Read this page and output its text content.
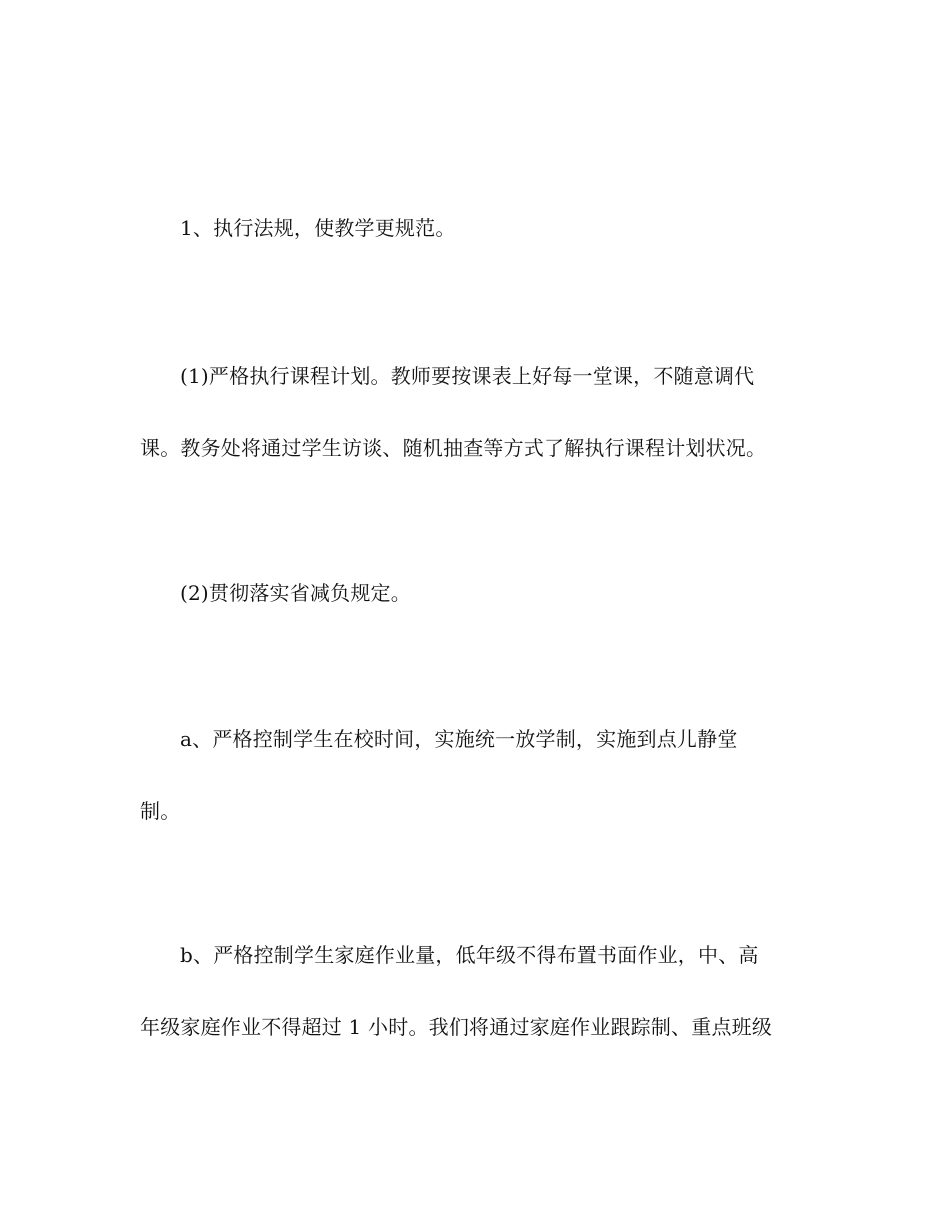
1、执行法规，使教学更规范。
(1)严格执行课程计划。教师要按课表上好每一堂课，不随意调代
课。教务处将通过学生访谈、随机抽查等方式了解执行课程计划状况。
(2)贯彻落实省减负规定。
a、严格控制学生在校时间，实施统一放学制，实施到点儿静堂
制。
b、严格控制学生家庭作业量，低年级不得布置书面作业，中、高
年级家庭作业不得超过 1 小时。我们将通过家庭作业跟踪制、重点班级
